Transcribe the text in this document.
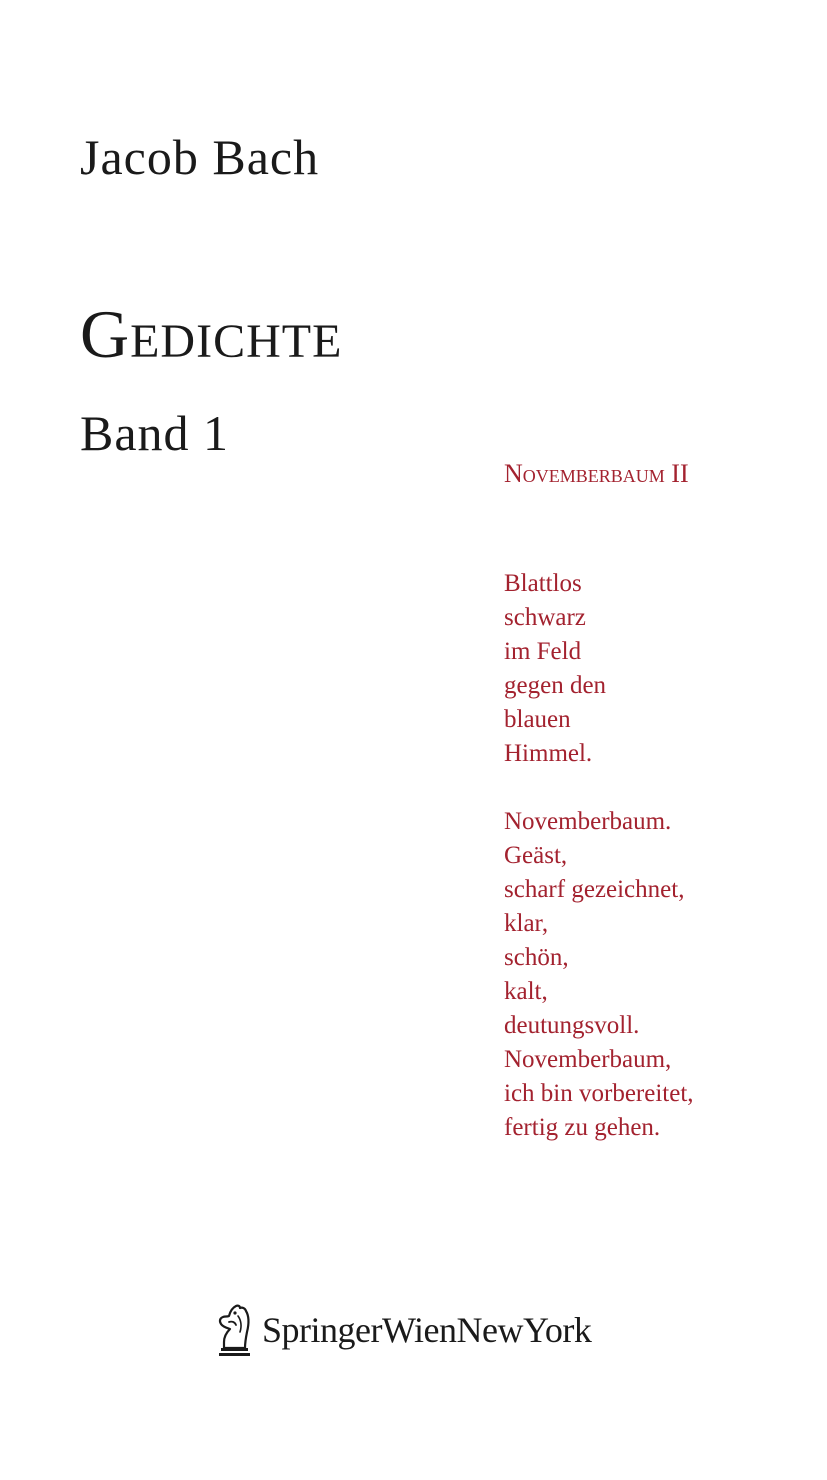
Jacob Bach
Gedichte
Band 1
Novemberbaum II
Blattlos
schwarz
im Feld
gegen den
blauen
Himmel.
Novemberbaum.
Geäst,
scharf gezeichnet,
klar,
schön,
kalt,
deutungsvoll.
Novemberbaum,
ich bin vorbereitet,
fertig zu gehen.
SpringerWienNewYork
